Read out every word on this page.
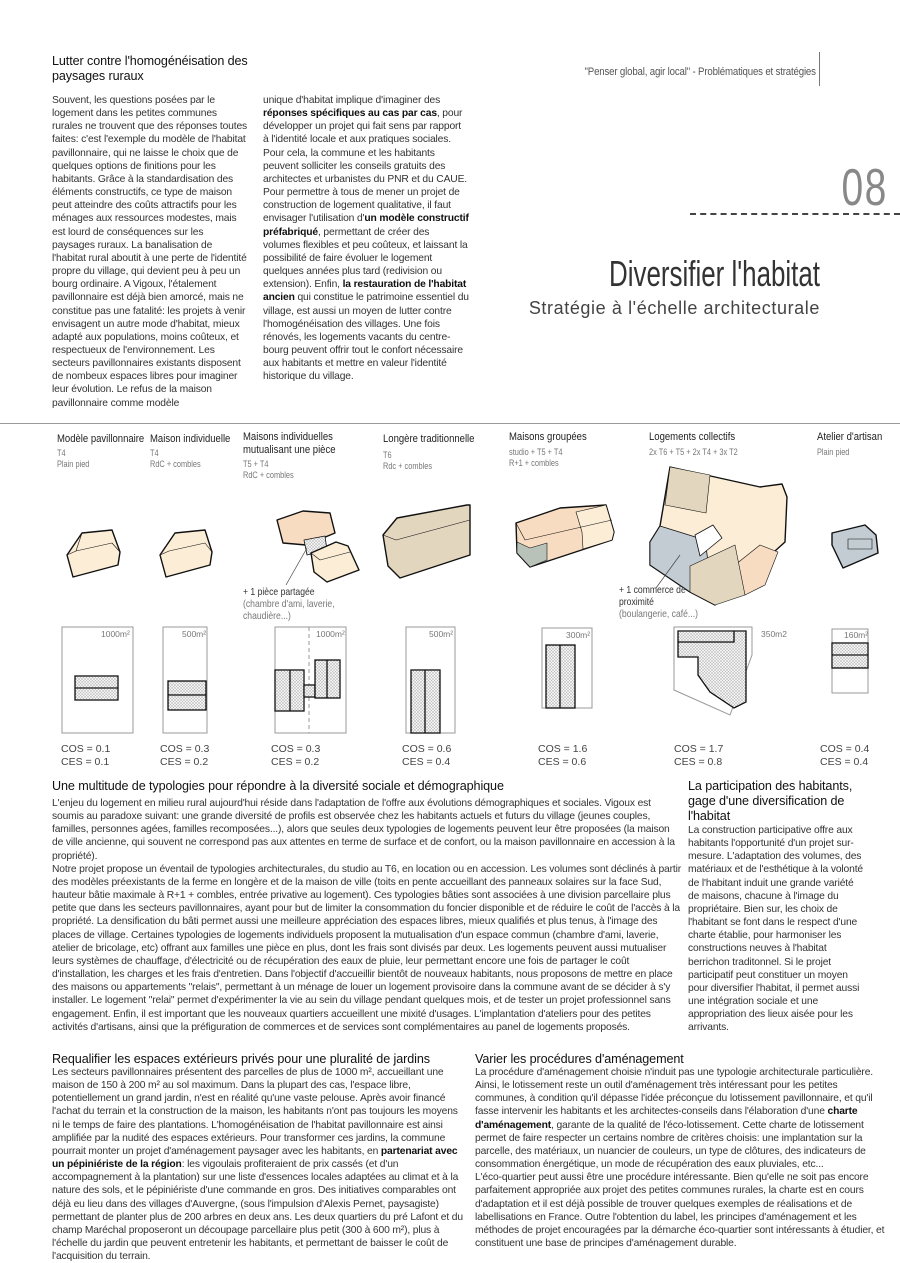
"Penser global, agir local" - Problématiques et stratégies
08
Diversifier l'habitat
Stratégie à l'échelle architecturale
Lutter contre l'homogénéisation des paysages ruraux

Souvent, les questions posées par le logement dans les petites communes rurales ne trouvent que des réponses toutes faites: c'est l'exemple du modèle de l'habitat pavillonnaire, qui ne laisse le choix que de quelques options de finitions pour les habitants. Grâce à la standardisation des éléments constructifs, ce type de maison peut atteindre des coûts attractifs pour les ménages aux ressources modestes, mais est lourd de conséquences sur les paysages ruraux. La banalisation de l'habitat rural aboutit à une perte de l'identité propre du village, qui devient peu à peu un bourg ordinaire. A Vigoux, l'étalement pavillonnaire est déjà bien amorcé, mais ne constitue pas une fatalité: les projets à venir envisagent un autre mode d'habitat, mieux adapté aux populations, moins coûteux, et respectueux de l'environnement. Les secteurs pavillonnaires existants disposent de nombeux espaces libres pour imaginer leur évolution. Le refus de la maison pavillonnaire comme modèle

unique d'habitat implique d'imaginer des réponses spécifiques au cas par cas, pour développer un projet qui fait sens par rapport à l'identité locale et aux pratiques sociales. Pour cela, la commune et les habitants peuvent solliciter les conseils gratuits des architectes et urbanistes du PNR et du CAUE. Pour permettre à tous de mener un projet de construction de logement qualitative, il faut envisager l'utilisation d'un modèle constructif préfabriqué, permettant de créer des volumes flexibles et peu coûteux, et laissant la possibilité de faire évoluer le logement quelques années plus tard (redivision ou extension). Enfin, la restauration de l'habitat ancien qui constitue le patrimoine essentiel du village, est aussi un moyen de lutter contre l'homogénéisation des villages. Une fois rénovés, les logements vacants du centre-bourg peuvent offrir tout le confort nécessaire aux habitants et mettre en valeur l'identité historique du village.

Modèle pavillonnaire
T4
Plain pied
Maison individuelle
T4
RdC + combles
Maisons individuelles
mutualisant une pièce
T5 + T4
RdC + combles
Longère traditionnelle
T6
Rdc + combles
Maisons groupées
studio + T5 + T4
R+1 + combles
Logements collectifs
2x T6 + T5 + 2x T4 + 3x T2
Atelier d'artisan
Plain pied
+ 1 pièce partagée
(chambre d'ami, laverie,
chaudière...)
+ 1 commerce de
proximité
(boulangerie, café...)
1000m²	500m²	1000m²	500m²	300m²	350m2	160m²
COS = 0.1
CES = 0.1
COS = 0.3
CES = 0.2
COS = 0.3
CES = 0.2
COS = 0.6
CES = 0.4
COS = 1.6
CES = 0.6
COS = 1.7
CES = 0.8
COS = 0.4
CES = 0.4
Une multitude de typologies pour répondre à la diversité sociale et démographique

L'enjeu du logement en milieu rural aujourd'hui réside dans l'adaptation de l'offre aux évolutions démographiques et sociales. Vigoux est soumis au paradoxe suivant: une grande diversité de profils est observée chez les habitants actuels et futurs du village (jeunes couples, familles, personnes agées, familles recomposées...), alors que seules deux typologies de logements peuvent leur être proposées (la maison de ville ancienne, qui souvent ne correspond pas aux attentes en terme de surface et de confort, ou la maison pavillonnaire en accession à la propriété).

Notre projet propose un éventail de typologies architecturales, du studio au T6, en location ou en accession. Les volumes sont déclinés à partir des modèles préexistants de la ferme en longère et de la maison de ville (toits en pente accueillant des panneaux solaires sur la face Sud, hauteur bâtie maximale à R+1 + combles, entrée privative au logement). Ces typologies bâties sont associées à une division parcellaire plus petite que dans les secteurs pavillonnaires, ayant pour but de limiter la consommation du foncier disponible et de réduire le coût de l'accès à la propriété. La densification du bâti permet aussi une meilleure appréciation des espaces libres, mieux qualifiés et plus tenus, à l'image des places de village. Certaines typologies de logements individuels proposent la mutualisation d'un espace commun (chambre d'ami, laverie, atelier de bricolage, etc) offrant aux familles une pièce en plus, dont les frais sont divisés par deux. Les logements peuvent aussi mutualiser leurs systèmes de chauffage, d'électricité ou de récupération des eaux de pluie, leur permettant encore une fois de partager le coût d'installation, les charges et les frais d'entretien. Dans l'objectif d'accueillir bientôt de nouveaux habitants, nous proposons de mettre en place des maisons ou appartements "relais", permettant à un ménage de louer un logement provisoire dans la commune avant de se décider à s'y installer. Le logement "relai" permet d'expérimenter la vie au sein du village pendant quelques mois, et de tester un projet professionnel sans engagement. Enfin, il est important que les nouveaux quartiers accueillent une mixité d'usages. L'implantation d'ateliers pour des petites activités d'artisans, ainsi que la préfiguration de commerces et de services sont complémentaires au panel de logements proposés.

La participation des habitants, gage d'une diversification de l'habitat

La construction participative offre aux habitants l'opportunité d'un projet sur-mesure. L'adaptation des volumes, des matériaux et de l'esthétique à la volonté de l'habitant induit une grande variété de maisons, chacune à l'image du propriétaire. Bien sur, les choix de l'habitant se font dans le respect d'une charte établie, pour harmoniser les constructions neuves à l'habitat berrichon traditonnel. Si le projet participatif peut constituer un moyen pour diversifier l'habitat, il permet aussi une intégration sociale et une appropriation des lieux aisée pour les arrivants.

Requalifier les espaces extérieurs privés pour une pluralité de jardins

Les secteurs pavillonnaires présentent des parcelles de plus de 1000 m², accueillant une maison de 150 à 200 m² au sol maximum. Dans la plupart des cas, l'espace libre, potentiellement un grand jardin, n'est en réalité qu'une vaste pelouse. Après avoir financé l'achat du terrain et la construction de la maison, les habitants n'ont pas toujours les moyens ni le temps de faire des plantations. L'homogénéisation de l'habitat pavillonnaire est ainsi amplifiée par la nudité des espaces extérieurs. Pour transformer ces jardins, la commune pourrait monter un projet d'aménagement paysager avec les habitants, en partenariat avec un pépiniériste de la région: les vigoulais profiteraient de prix cassés (et d'un accompagnement à la plantation) sur une liste d'essences locales adaptées au climat et à la nature des sols, et le pépiniériste d'une commande en gros. Des initiatives comparables ont déjà eu lieu dans des villages d'Auvergne, (sous l'impulsion d'Alexis Pernet, paysagiste) permettant de planter plus de 200 arbres en deux ans. Les deux quartiers du pré Lafont et du champ Maréchal proposeront un découpage parcellaire plus petit (300 à 600 m²), plus à l'échelle du jardin que peuvent entretenir les habitants, et permettant de baisser le coût de l'acquisition du terrain.

Varier les procédures d'aménagement

La procédure d'aménagement choisie n'induit pas une typologie architecturale particulière. Ainsi, le lotissement reste un outil d'aménagement très intéressant pour les petites communes, à condition qu'il dépasse l'idée préconçue du lotissement pavillonnaire, et qu'il fasse intervenir les habitants et les architectes-conseils dans l'élaboration d'une charte d'aménagement, garante de la qualité de l'éco-lotissement. Cette charte de lotissement permet de faire respecter un certains nombre de critères choisis: une implantation sur la parcelle, des matériaux, un nuancier de couleurs, un type de clôtures, des indicateurs de consommation énergétique, un mode de récupération des eaux pluviales, etc...

L'éco-quartier peut aussi être une procédure intéressante. Bien qu'elle ne soit pas encore parfaitement appropriée aux projet des petites communes rurales, la charte est en cours d'adaptation et il est déjà possible de trouver quelques exemples de réalisations et de labellisations en France. Outre l'obtention du label, les principes d'aménagement et les méthodes de projet encouragées par la démarche éco-quartier sont intéressants à étudier, et constituent une base de principes d'aménagement durable.
